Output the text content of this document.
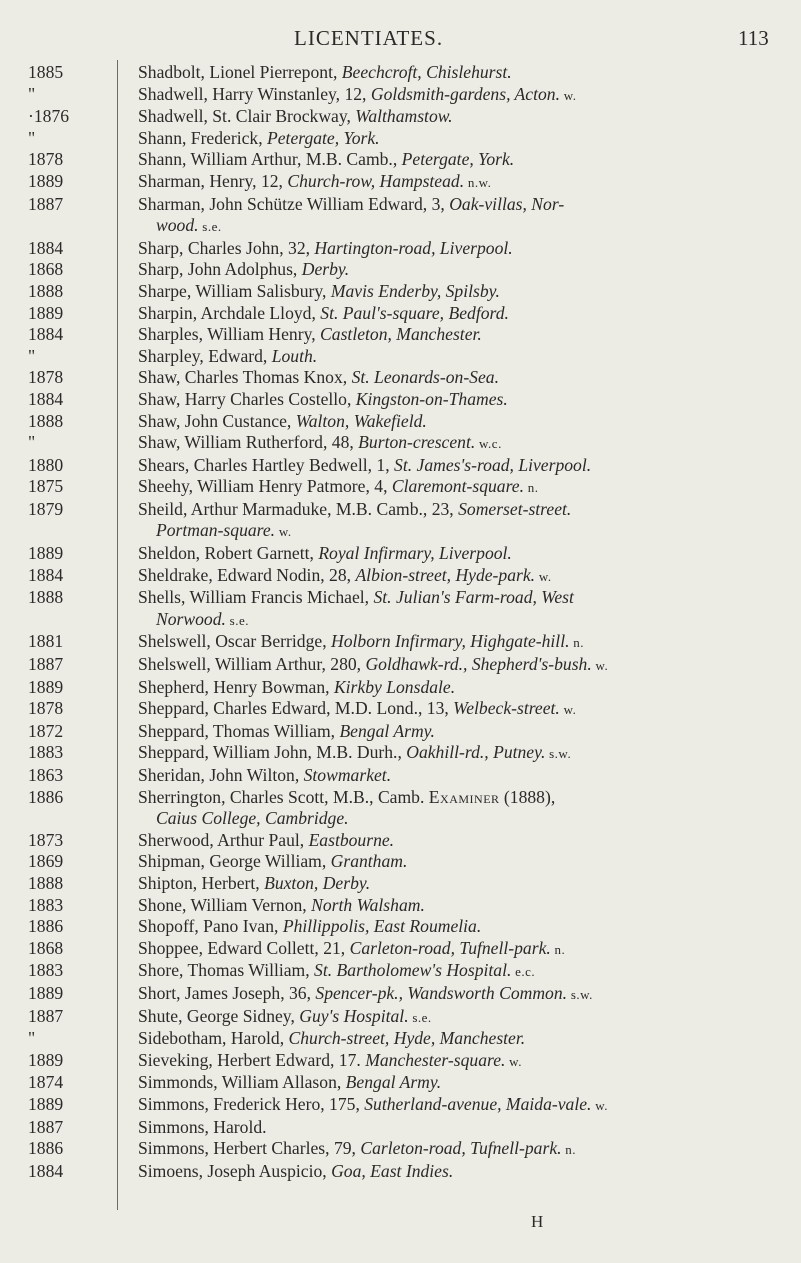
LICENTIATES.	113
1885	Shadbolt, Lionel Pierrepont, Beechcroft, Chislehurst.
"	Shadwell, Harry Winstanley, 12, Goldsmith-gardens, Acton. w.
·1876	Shadwell, St. Clair Brockway, Walthamstow.
"	Shann, Frederick, Petergate, York.
1878	Shann, William Arthur, M.B. Camb., Petergate, York.
1889	Sharman, Henry, 12, Church-row, Hampstead. n.w.
1887	Sharman, John Schütze William Edward, 3, Oak-villas, Nor-
wood. s.e.
1884	Sharp, Charles John, 32, Hartington-road, Liverpool.
1868	Sharp, John Adolphus, Derby.
1888	Sharpe, William Salisbury, Mavis Enderby, Spilsby.
1889	Sharpin, Archdale Lloyd, St. Paul's-square, Bedford.
1884	Sharples, William Henry, Castleton, Manchester.
"	Sharpley, Edward, Louth.
1878	Shaw, Charles Thomas Knox, St. Leonards-on-Sea.
1884	Shaw, Harry Charles Costello, Kingston-on-Thames.
1888	Shaw, John Custance, Walton, Wakefield.
"	Shaw, William Rutherford, 48, Burton-crescent. w.c.
1880	Shears, Charles Hartley Bedwell, 1, St. James's-road, Liverpool.
1875	Sheehy, William Henry Patmore, 4, Claremont-square. n.
1879	Sheild, Arthur Marmaduke, M.B. Camb., 23, Somerset-street.
Portman-square. w.
1889	Sheldon, Robert Garnett, Royal Infirmary, Liverpool.
1884	Sheldrake, Edward Nodin, 28, Albion-street, Hyde-park. w.
1888	Shells, William Francis Michael, St. Julian's Farm-road, West
Norwood. s.e.
1881	Shelswell, Oscar Berridge, Holborn Infirmary, Highgate-hill. n.
1887	Shelswell, William Arthur, 280, Goldhawk-rd., Shepherd's-bush. w.
1889	Shepherd, Henry Bowman, Kirkby Lonsdale.
1878	Sheppard, Charles Edward, M.D. Lond., 13, Welbeck-street. w.
1872	Sheppard, Thomas William, Bengal Army.
1883	Sheppard, William John, M.B. Durh., Oakhill-rd., Putney. s.w.
1863	Sheridan, John Wilton, Stowmarket.
1886	Sherrington, Charles Scott, M.B., Camb. Examiner (1888),
Caius College, Cambridge.
1873	Sherwood, Arthur Paul, Eastbourne.
1869	Shipman, George William, Grantham.
1888	Shipton, Herbert, Buxton, Derby.
1883	Shone, William Vernon, North Walsham.
1886	Shopoff, Pano Ivan, Phillippolis, East Roumelia.
1868	Shoppee, Edward Collett, 21, Carleton-road, Tufnell-park. n.
1883	Shore, Thomas William, St. Bartholomew's Hospital. e.c.
1889	Short, James Joseph, 36, Spencer-pk., Wandsworth Common. s.w.
1887	Shute, George Sidney, Guy's Hospital. s.e.
"	Sidebotham, Harold, Church-street, Hyde, Manchester.
1889	Sieveking, Herbert Edward, 17. Manchester-square. w.
1874	Simmonds, William Allason, Bengal Army.
1889	Simmons, Frederick Hero, 175, Sutherland-avenue, Maida-vale. w.
1887	Simmons, Harold.
1886	Simmons, Herbert Charles, 79, Carleton-road, Tufnell-park. n.
1884	Simoens, Joseph Auspicio, Goa, East Indies.
H
